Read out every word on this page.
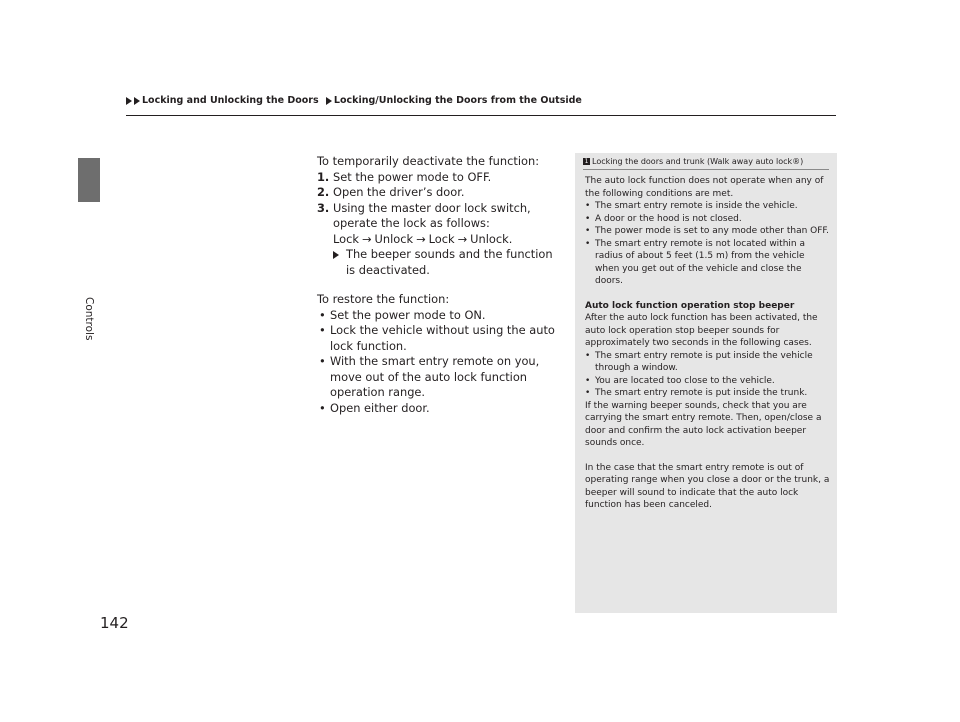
Locking and Unlocking the Doors Locking/Unlocking the Doors from the Outside
Controls
142

To temporarily deactivate the function:

1. Set the power mode to OFF.

2. Open the driver’s door.

3. Using the master door lock switch, operate the lock as follows:

Lock → Unlock → Lock → Unlock.

The beeper sounds and the function is deactivated.

To restore the function:

• Set the power mode to ON.

• Lock the vehicle without using the auto lock function.

• With the smart entry remote on you, move out of the auto lock function operation range.

• Open either door.

1 Locking the doors and trunk (Walk away auto lock®)

The auto lock function does not operate when any of the following conditions are met.

• The smart entry remote is inside the vehicle.

• A door or the hood is not closed.

• The power mode is set to any mode other than OFF.

• The smart entry remote is not located within a radius of about 5 feet (1.5 m) from the vehicle when you get out of the vehicle and close the doors.

Auto lock function operation stop beeper

After the auto lock function has been activated, the auto lock operation stop beeper sounds for approximately two seconds in the following cases.

• The smart entry remote is put inside the vehicle through a window.

• You are located too close to the vehicle.

• The smart entry remote is put inside the trunk.

If the warning beeper sounds, check that you are carrying the smart entry remote. Then, open/close a door and confirm the auto lock activation beeper sounds once.

In the case that the smart entry remote is out of operating range when you close a door or the trunk, a beeper will sound to indicate that the auto lock function has been canceled.
